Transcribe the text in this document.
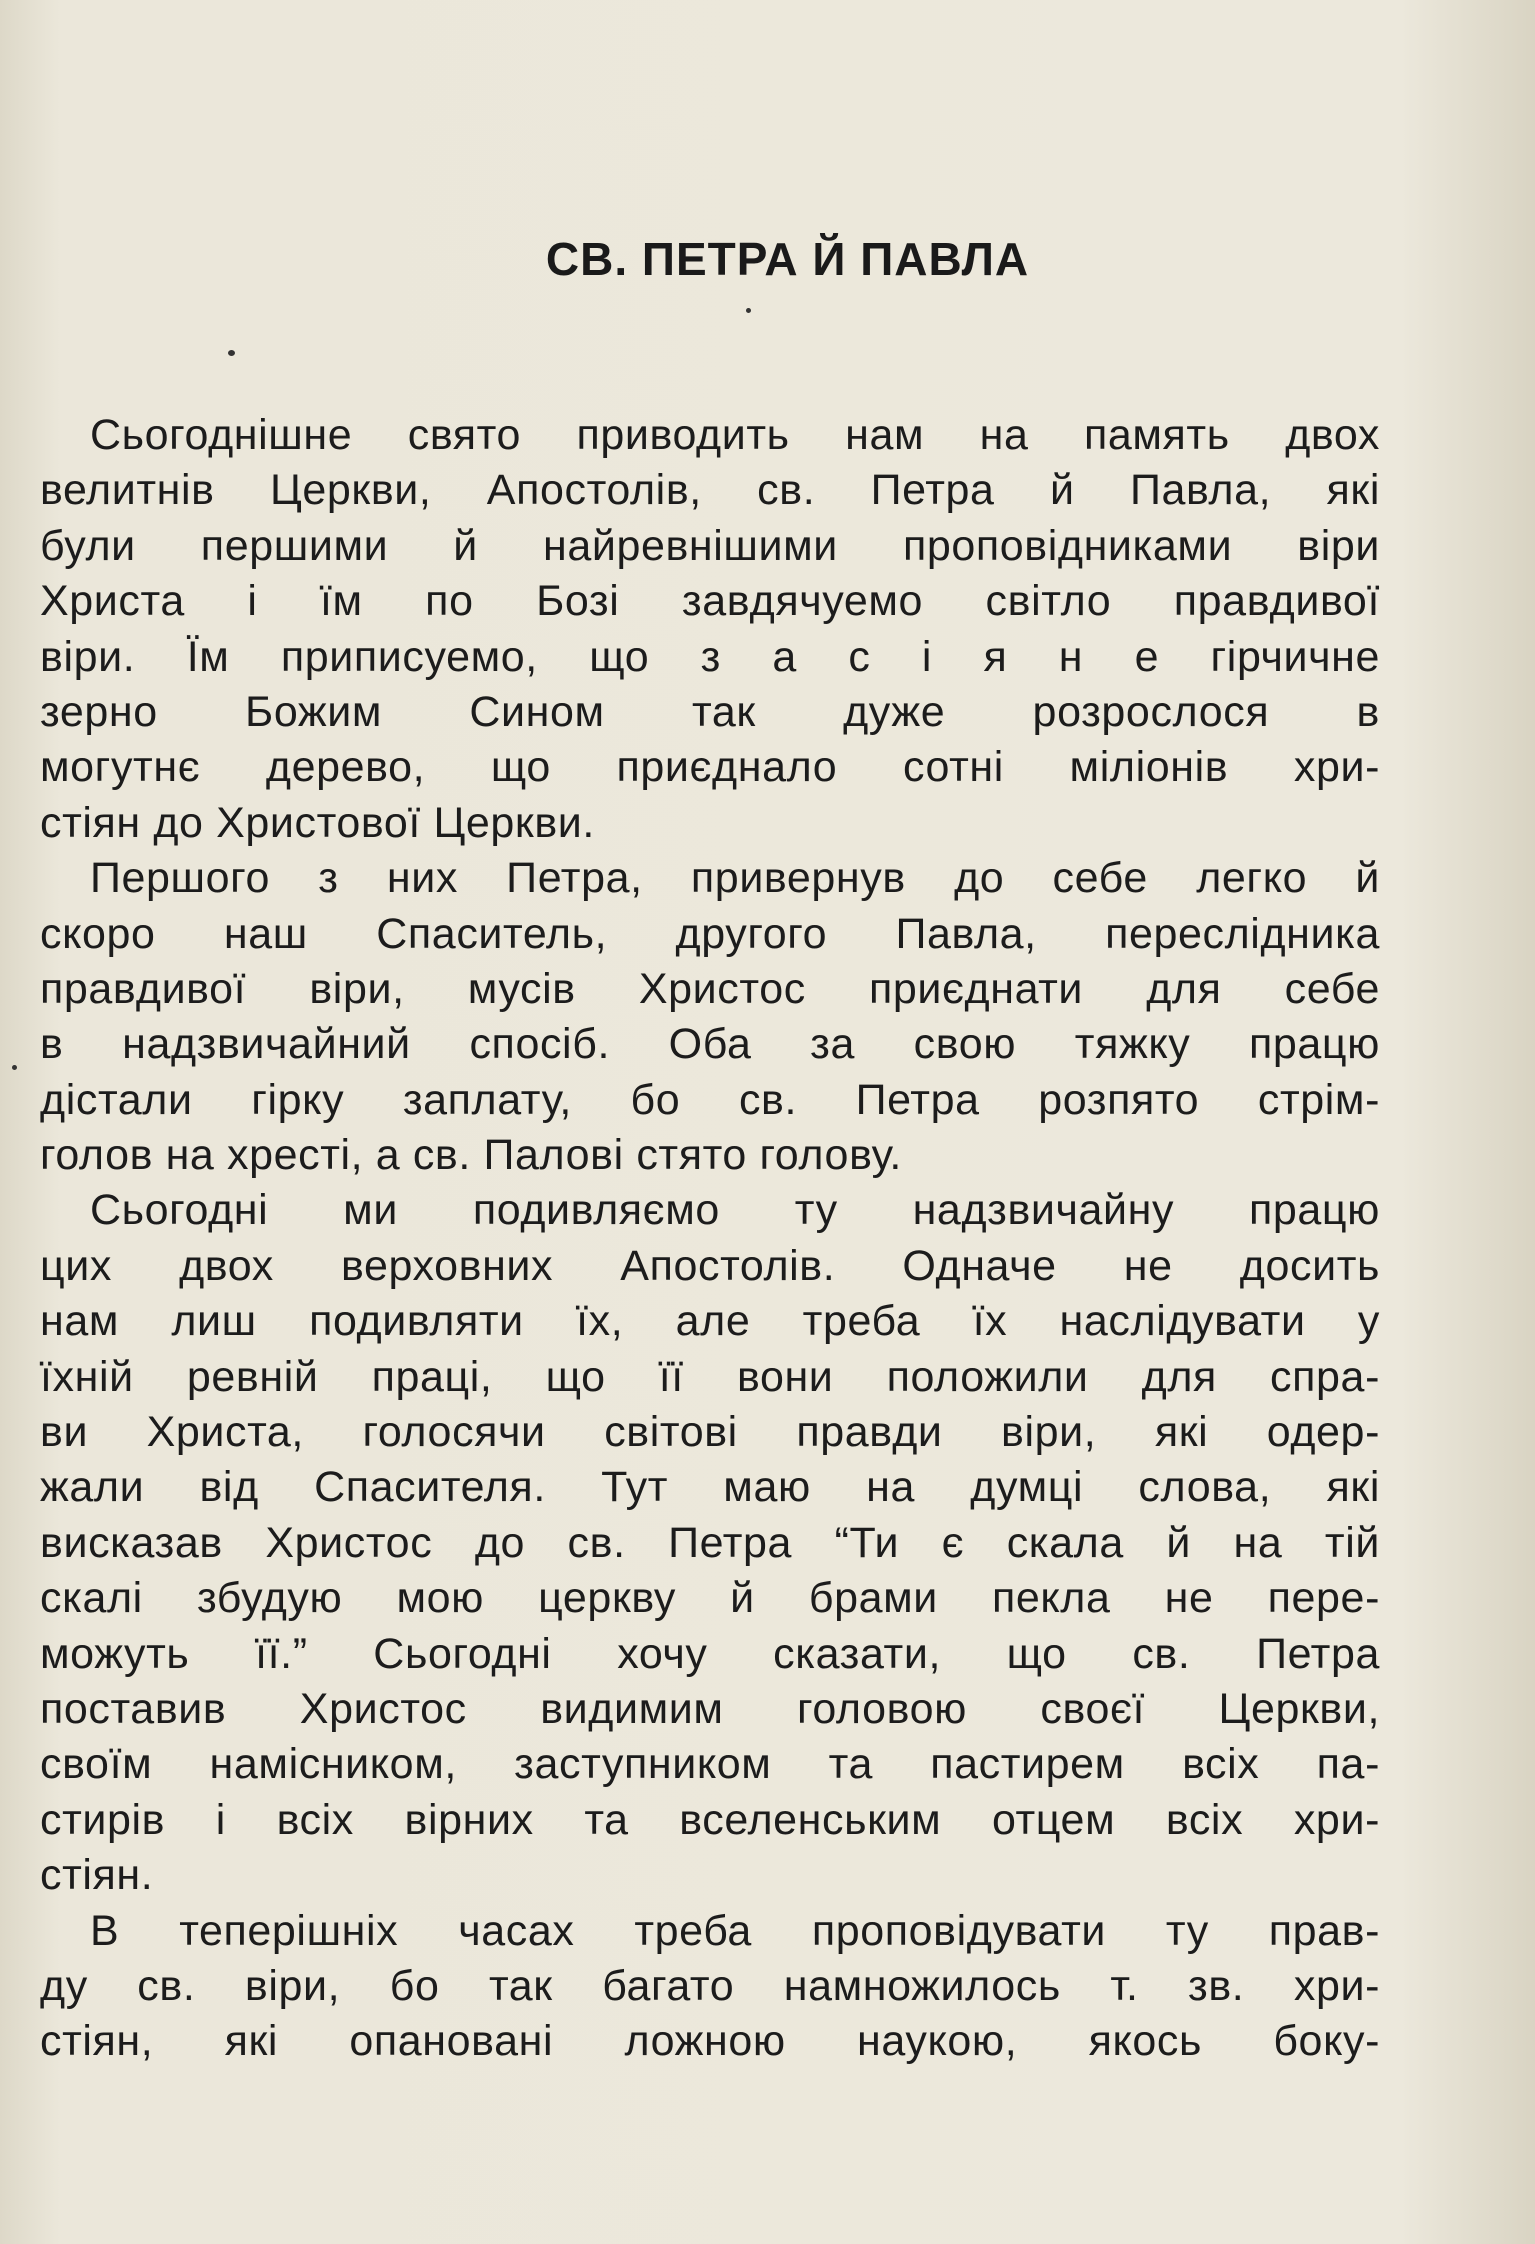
СВ. ПЕТРА Й ПАВЛА
Сьогоднішне свято приводить нам на память двох
велитнів Церкви, Апостолів, св. Петра й Павла, які
були першими й найревнішими проповідниками віри
Христа і їм по Бозі завдячуемо світло правдивої
віри. Їм приписуемо, що з а с і я н е гірчичне
зерно Божим Сином так дуже розрослося в
могутнє дерево, що приєднало сотні міліонів хри-
стіян до Христової Церкви.
Першого з них Петра, привернув до себе легко й
скоро наш Спаситель, другого Павла, переслідника
правдивої віри, мусів Христос приєднати для себе
в надзвичайний спосіб. Оба за свою тяжку працю
дістали гірку заплату, бо св. Петра розпято стрім-
голов на хресті, а св. Палові стято голову.
Сьогодні ми подивляємо ту надзвичайну працю
цих двох верховних Апостолів. Одначе не досить
нам лиш подивляти їх, але треба їх наслідувати у
їхній ревній праці, що її вони положили для спра-
ви Христа, голосячи світові правди віри, які одер-
жали від Спасителя. Тут маю на думці слова, які
висказав Христос до св. Петра “Ти є скала й на тій
скалі збудую мою церкву й брами пекла не пере-
можуть її.” Сьогодні хочу сказати, що св. Петра
поставив Христос видимим головою своєї Церкви,
своїм намісником, заступником та пастирем всіх па-
стирів і всіх вірних та вселенським отцем всіх хри-
стіян.
В теперішніх часах треба проповідувати ту прав-
ду св. віри, бо так багато намножилось т. зв. хри-
стіян, які опановані ложною наукою, якось боку-
